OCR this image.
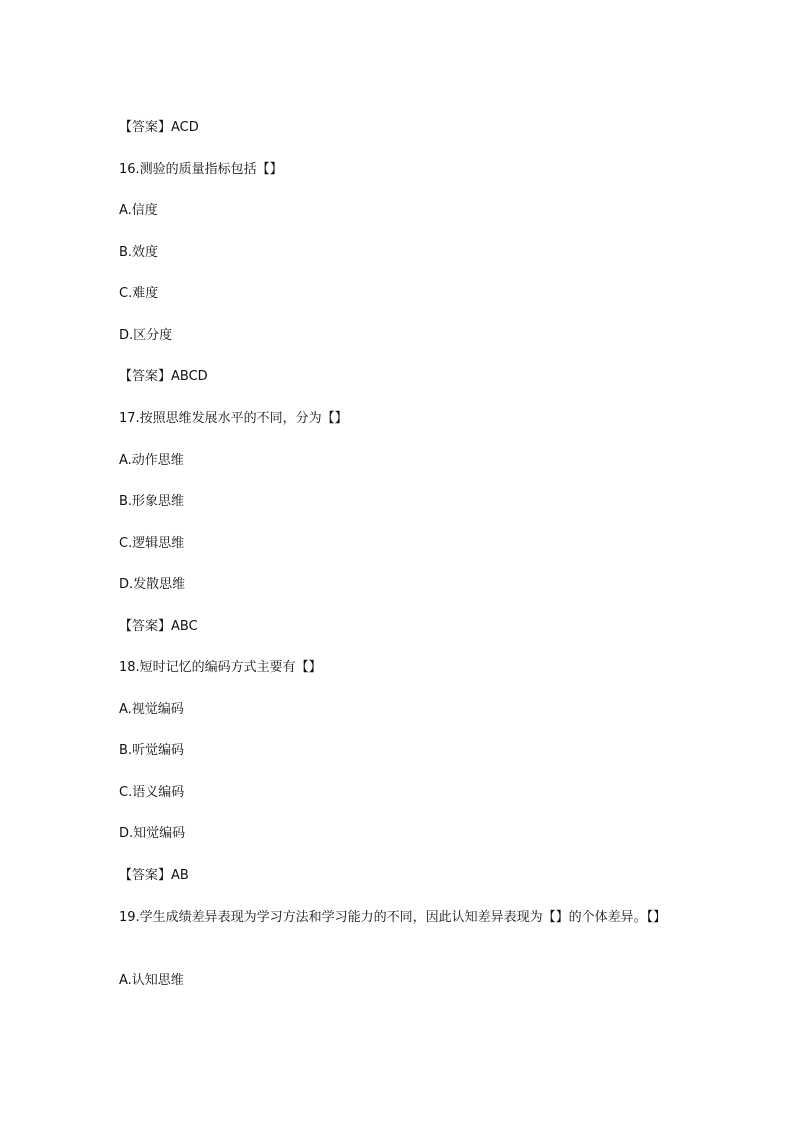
【答案】ACD
16.测验的质量指标包括【】
A.信度
B.效度
C.难度
D.区分度
【答案】ABCD
17.按照思维发展水平的不同，分为【】
A.动作思维
B.形象思维
C.逻辑思维
D.发散思维
【答案】ABC
18.短时记忆的编码方式主要有【】
A.视觉编码
B.听觉编码
C.语义编码
D.知觉编码
【答案】AB
19.学生成绩差异表现为学习方法和学习能力的不同，因此认知差异表现为【】的个体差异。【】
A.认知思维
